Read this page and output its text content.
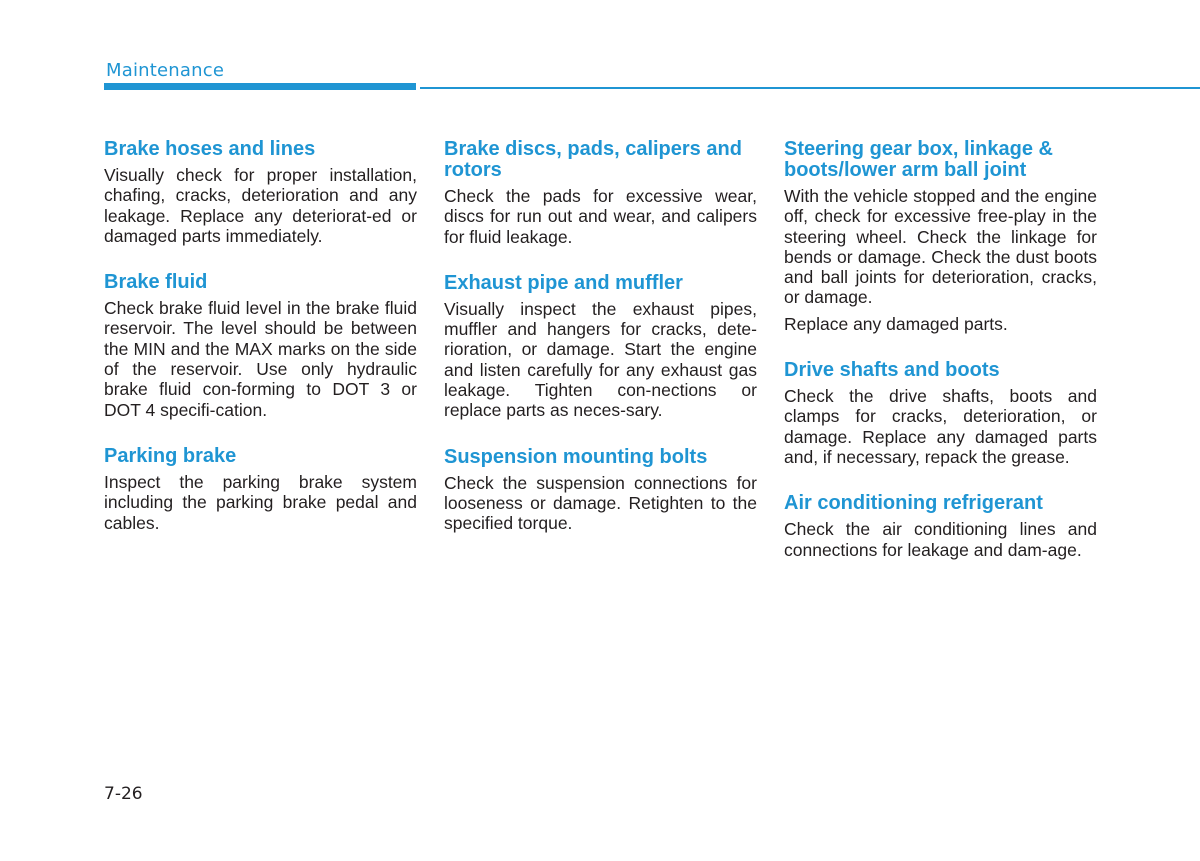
Maintenance
Brake hoses and lines

Visually check for proper installation, chafing, cracks, deterioration and any leakage. Replace any deteriorat-ed or damaged parts immediately.

Brake fluid

Check brake fluid level in the brake fluid reservoir. The level should be between the MIN and the MAX marks on the side of the reservoir. Use only hydraulic brake fluid con-forming to DOT 3 or DOT 4 specifi-cation.

Parking brake

Inspect the parking brake system including the parking brake pedal and cables.

Brake discs, pads, calipers and rotors

Check the pads for excessive wear, discs for run out and wear, and calipers for fluid leakage.

Exhaust pipe and muffler

Visually inspect the exhaust pipes, muffler and hangers for cracks, dete-rioration, or damage. Start the engine and listen carefully for any exhaust gas leakage. Tighten con-nections or replace parts as neces-sary.

Suspension mounting bolts

Check the suspension connections for looseness or damage. Retighten to the specified torque.

Steering gear box, linkage & boots/lower arm ball joint

With the vehicle stopped and the engine off, check for excessive free-play in the steering wheel. Check the linkage for bends or damage. Check the dust boots and ball joints for deterioration, cracks, or damage.

Replace any damaged parts.

Drive shafts and boots

Check the drive shafts, boots and clamps for cracks, deterioration, or damage. Replace any damaged parts and, if necessary, repack the grease.

Air conditioning refrigerant

Check the air conditioning lines and connections for leakage and dam-age.

7-26
